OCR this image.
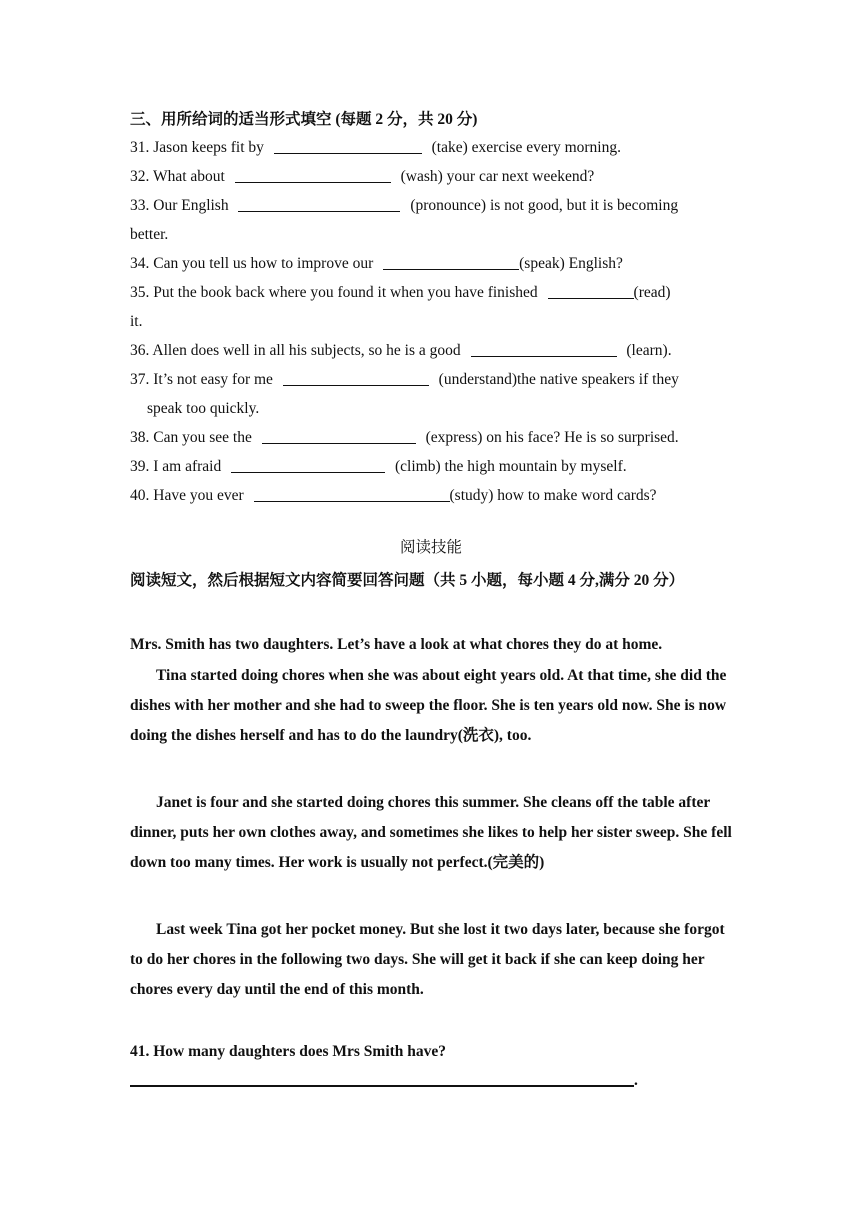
三、用所给词的适当形式填空 (每题 2 分，共 20 分)
31. Jason keeps fit by	(take) exercise every morning.
32. What about	(wash) your car next weekend?
33. Our English	(pronounce) is not good, but it is becoming
better.
34. Can you tell us how to improve our	(speak) English?
35. Put the book back where you found it when you have finished	(read)
it.
36. Allen does well in all his subjects, so he is a good	(learn).
37. It’s not easy for me	(understand)the native speakers if they
speak too quickly.
38. Can you see the	(express) on his face? He is so surprised.
39. I am afraid	(climb) the high mountain by myself.
40. Have you ever	(study) how to make word cards?
阅读技能
阅读短文，然后根据短文内容简要回答问题（共 5 小题，每小题 4 分,满分 20 分）
Mrs. Smith has two daughters. Let’s have a look at what chores they do at home.
Tina started doing chores when she was about eight years old. At that time, she did the dishes with her mother and she had to sweep the floor. She is ten years old now. She is now doing the dishes herself and has to do the laundry(洗衣), too.
Janet is four and she started doing chores this summer. She cleans off the table after dinner, puts her own clothes away, and sometimes she likes to help her sister sweep. She fell down too many times. Her work is usually not perfect.(完美的)
Last week Tina got her pocket money. But she lost it two days later, because she forgot to do her chores in the following two days. She will get it back if she can keep doing her chores every day until the end of this month.
41. How many daughters does Mrs Smith have?
.
